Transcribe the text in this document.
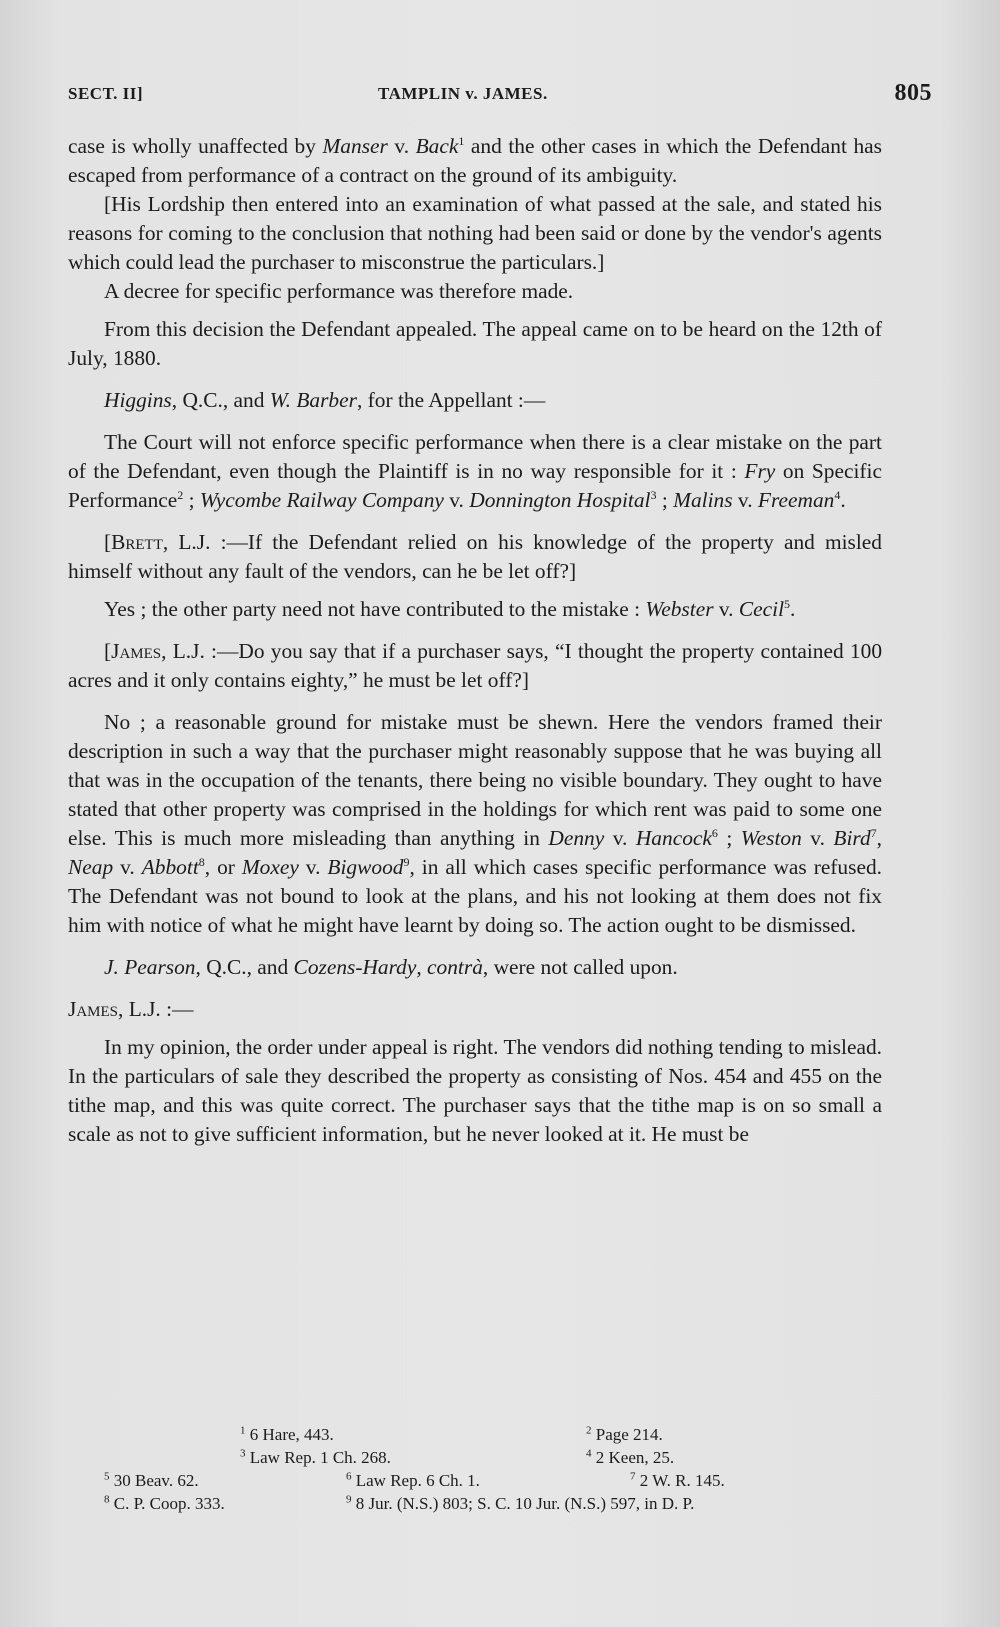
SECT. II]	TAMPLIN v. JAMES.	805

case is wholly unaffected by Manser v. Back$^1$ and the other cases in which the Defendant has escaped from performance of a contract on the ground of its ambiguity.

[His Lordship then entered into an examination of what passed at the sale, and stated his reasons for coming to the conclusion that nothing had been said or done by the vendor's agents which could lead the purchaser to misconstrue the particulars.]

A decree for specific performance was therefore made.

From this decision the Defendant appealed. The appeal came on to be heard on the 12th of July, 1880.

Higgins, Q.C., and W. Barber, for the Appellant :—

The Court will not enforce specific performance when there is a clear mistake on the part of the Defendant, even though the Plaintiff is in no way responsible for it : Fry on Specific Performance$^2$ ; Wycombe Railway Company v. Donnington Hospital$^3$ ; Malins v. Freeman$^4$.

[Brett, L.J. :—If the Defendant relied on his knowledge of the property and misled himself without any fault of the vendors, can he be let off?]

Yes ; the other party need not have contributed to the mistake : Webster v. Cecil$^5$.

[James, L.J. :—Do you say that if a purchaser says, “I thought the property contained 100 acres and it only contains eighty,” he must be let off?]

No ; a reasonable ground for mistake must be shewn. Here the vendors framed their description in such a way that the purchaser might reasonably suppose that he was buying all that was in the occupation of the tenants, there being no visible boundary. They ought to have stated that other property was comprised in the holdings for which rent was paid to some one else. This is much more misleading than anything in Denny v. Hancock$^6$ ; Weston v. Bird$^7$, Neap v. Abbott$^8$, or Moxey v. Bigwood$^9$, in all which cases specific performance was refused. The Defendant was not bound to look at the plans, and his not looking at them does not fix him with notice of what he might have learnt by doing so. The action ought to be dismissed.

J. Pearson, Q.C., and Cozens-Hardy, contrà, were not called upon.

James, L.J. :—

In my opinion, the order under appeal is right. The vendors did nothing tending to mislead. In the particulars of sale they described the property as consisting of Nos. 454 and 455 on the tithe map, and this was quite correct. The purchaser says that the tithe map is on so small a scale as not to give sufficient information, but he never looked at it. He must be

$^1$ 6 Hare, 443.	$^2$ Page 214.
$^3$ Law Rep. 1 Ch. 268.	$^4$ 2 Keen, 25.
$^5$ 30 Beav. 62.	$^6$ Law Rep. 6 Ch. 1.	$^7$ 2 W. R. 145.
$^8$ C. P. Coop. 333.	$^9$ 8 Jur. (N.S.) 803; S. C. 10 Jur. (N.S.) 597, in D. P.
